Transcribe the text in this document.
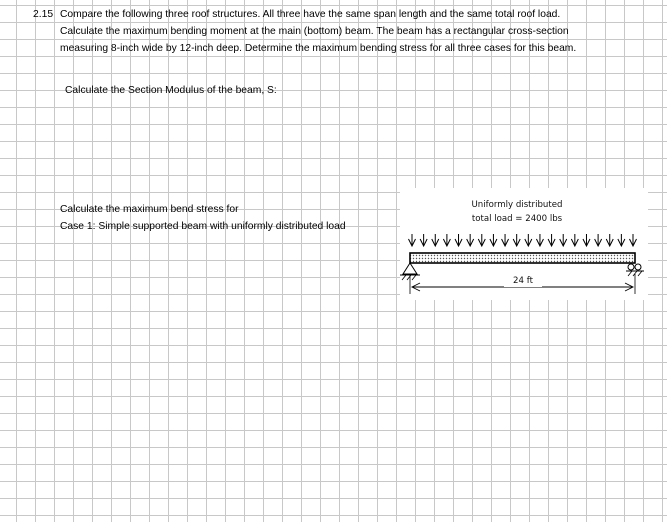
2.15 Compare the following three roof structures. All three have the same span length and the same total roof load.
Calculate the maximum bending moment at the main (bottom) beam. The beam has a rectangular cross-section
measuring 8-inch wide by 12-inch deep. Determine the maximum bending stress for all three cases for this beam.
Calculate the Section Modulus of the beam, S:
Calculate the maximum bend stress for
Case 1: Simple supported beam with uniformly distributed load
Uniformly distributed
total load = 2400 lbs
24 ft
